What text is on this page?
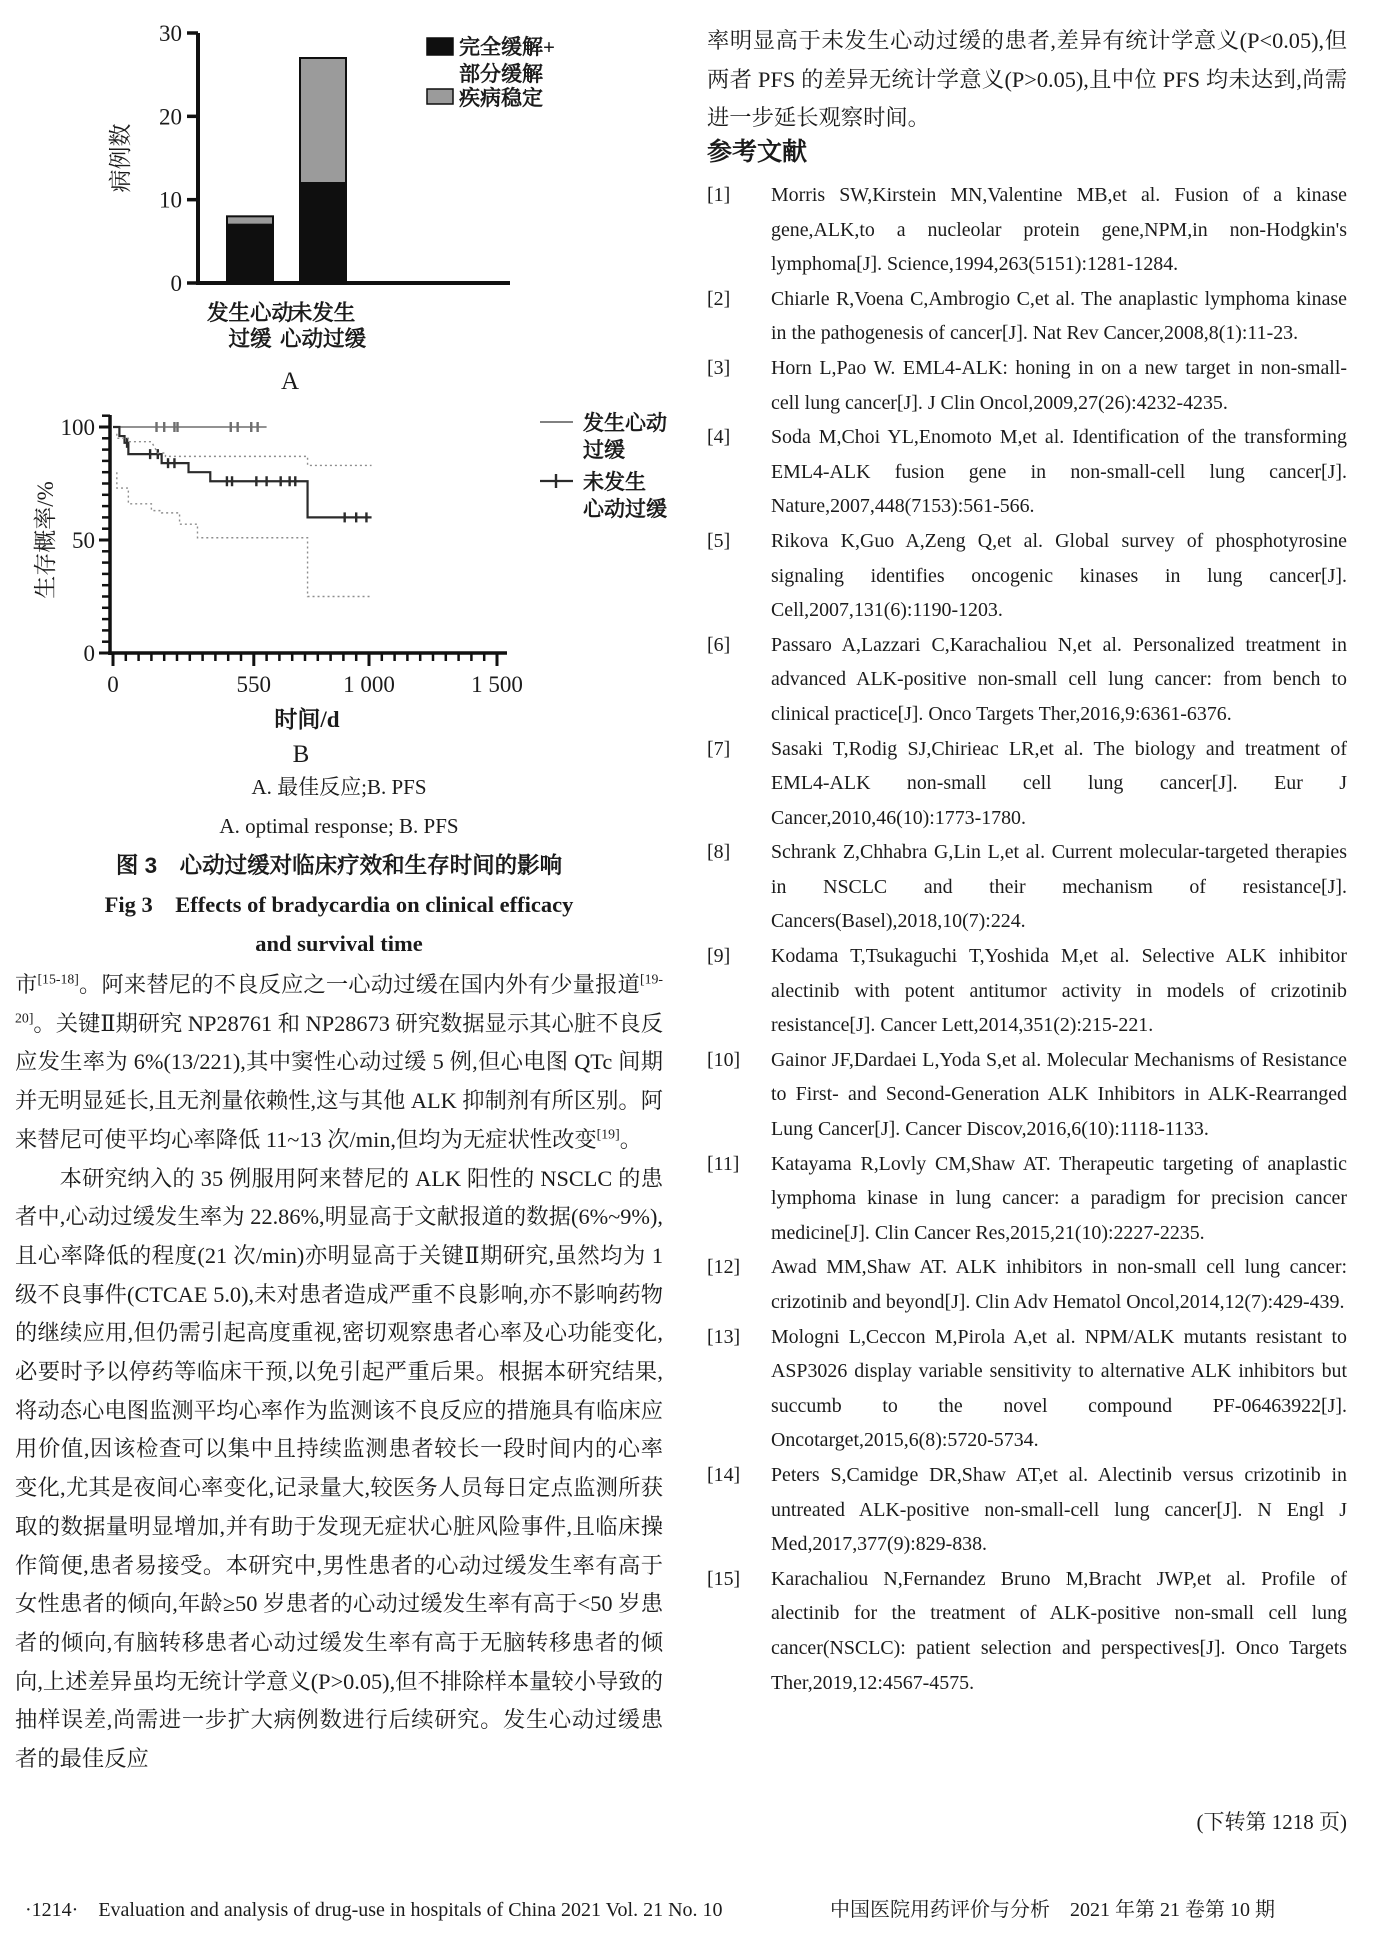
0
10
20
30
病例数
发生心动
过缓
未发生
心动过缓
完全缓解+
部分缓解
疾病稳定
A
0
50
100
0	550	1 000	1 500
生存概率/%
时间/d
B
发生心动
过缓
未发生
心动过缓
A. 最佳反应;B. PFS
A. optimal response; B. PFS
图 3　心动过缓对临床疗效和生存时间的影响
Fig 3　Effects of bradycardia on clinical efficacy
and survival time

市[15-18]。阿来替尼的不良反应之一心动过缓在国内外有少量报道[19-20]。关键Ⅱ期研究 NP28761 和 NP28673 研究数据显示其心脏不良反应发生率为 6%(13/221),其中窦性心动过缓 5 例,但心电图 QTc 间期并无明显延长,且无剂量依赖性,这与其他 ALK 抑制剂有所区别。阿来替尼可使平均心率降低 11~13 次/min,但均为无症状性改变[19]。

本研究纳入的 35 例服用阿来替尼的 ALK 阳性的 NSCLC 的患者中,心动过缓发生率为 22.86%,明显高于文献报道的数据(6%~9%),且心率降低的程度(21 次/min)亦明显高于关键Ⅱ期研究,虽然均为 1 级不良事件(CTCAE 5.0),未对患者造成严重不良影响,亦不影响药物的继续应用,但仍需引起高度重视,密切观察患者心率及心功能变化,必要时予以停药等临床干预,以免引起严重后果。根据本研究结果,将动态心电图监测平均心率作为监测该不良反应的措施具有临床应用价值,因该检查可以集中且持续监测患者较长一段时间内的心率变化,尤其是夜间心率变化,记录量大,较医务人员每日定点监测所获取的数据量明显增加,并有助于发现无症状心脏风险事件,且临床操作简便,患者易接受。本研究中,男性患者的心动过缓发生率有高于女性患者的倾向,年龄≥50 岁患者的心动过缓发生率有高于<50 岁患者的倾向,有脑转移患者心动过缓发生率有高于无脑转移患者的倾向,上述差异虽均无统计学意义(P>0.05),但不排除样本量较小导致的抽样误差,尚需进一步扩大病例数进行后续研究。发生心动过缓患者的最佳反应

率明显高于未发生心动过缓的患者,差异有统计学意义(P<0.05),但两者 PFS 的差异无统计学意义(P>0.05),且中位 PFS 均未达到,尚需进一步延长观察时间。

参考文献
[1]	Morris SW,Kirstein MN,Valentine MB,et al. Fusion of a kinase gene,ALK,to a nucleolar protein gene,NPM,in non-Hodgkin's lymphoma[J]. Science,1994,263(5151):1281-1284.
[2]	Chiarle R,Voena C,Ambrogio C,et al. The anaplastic lymphoma kinase in the pathogenesis of cancer[J]. Nat Rev Cancer,2008,8(1):11-23.
[3]	Horn L,Pao W. EML4-ALK: honing in on a new target in non-small-cell lung cancer[J]. J Clin Oncol,2009,27(26):4232-4235.
[4]	Soda M,Choi YL,Enomoto M,et al. Identification of the transforming EML4-ALK fusion gene in non-small-cell lung cancer[J]. Nature,2007,448(7153):561-566.
[5]	Rikova K,Guo A,Zeng Q,et al. Global survey of phosphotyrosine signaling identifies oncogenic kinases in lung cancer[J]. Cell,2007,131(6):1190-1203.
[6]	Passaro A,Lazzari C,Karachaliou N,et al. Personalized treatment in advanced ALK-positive non-small cell lung cancer: from bench to clinical practice[J]. Onco Targets Ther,2016,9:6361-6376.
[7]	Sasaki T,Rodig SJ,Chirieac LR,et al. The biology and treatment of EML4-ALK non-small cell lung cancer[J]. Eur J Cancer,2010,46(10):1773-1780.
[8]	Schrank Z,Chhabra G,Lin L,et al. Current molecular-targeted therapies in NSCLC and their mechanism of resistance[J]. Cancers(Basel),2018,10(7):224.
[9]	Kodama T,Tsukaguchi T,Yoshida M,et al. Selective ALK inhibitor alectinib with potent antitumor activity in models of crizotinib resistance[J]. Cancer Lett,2014,351(2):215-221.
[10]	Gainor JF,Dardaei L,Yoda S,et al. Molecular Mechanisms of Resistance to First- and Second-Generation ALK Inhibitors in ALK-Rearranged Lung Cancer[J]. Cancer Discov,2016,6(10):1118-1133.
[11]	Katayama R,Lovly CM,Shaw AT. Therapeutic targeting of anaplastic lymphoma kinase in lung cancer: a paradigm for precision cancer medicine[J]. Clin Cancer Res,2015,21(10):2227-2235.
[12]	Awad MM,Shaw AT. ALK inhibitors in non-small cell lung cancer: crizotinib and beyond[J]. Clin Adv Hematol Oncol,2014,12(7):429-439.
[13]	Mologni L,Ceccon M,Pirola A,et al. NPM/ALK mutants resistant to ASP3026 display variable sensitivity to alternative ALK inhibitors but succumb to the novel compound PF-06463922[J]. Oncotarget,2015,6(8):5720-5734.
[14]	Peters S,Camidge DR,Shaw AT,et al. Alectinib versus crizotinib in untreated ALK-positive non-small-cell lung cancer[J]. N Engl J Med,2017,377(9):829-838.
[15]	Karachaliou N,Fernandez Bruno M,Bracht JWP,et al. Profile of alectinib for the treatment of ALK-positive non-small cell lung cancer(NSCLC): patient selection and perspectives[J]. Onco Targets Ther,2019,12:4567-4575.
(下转第 1218 页)
·1214·　Evaluation and analysis of drug-use in hospitals of China 2021 Vol. 21 No. 10	中国医院用药评价与分析　2021 年第 21 卷第 10 期
